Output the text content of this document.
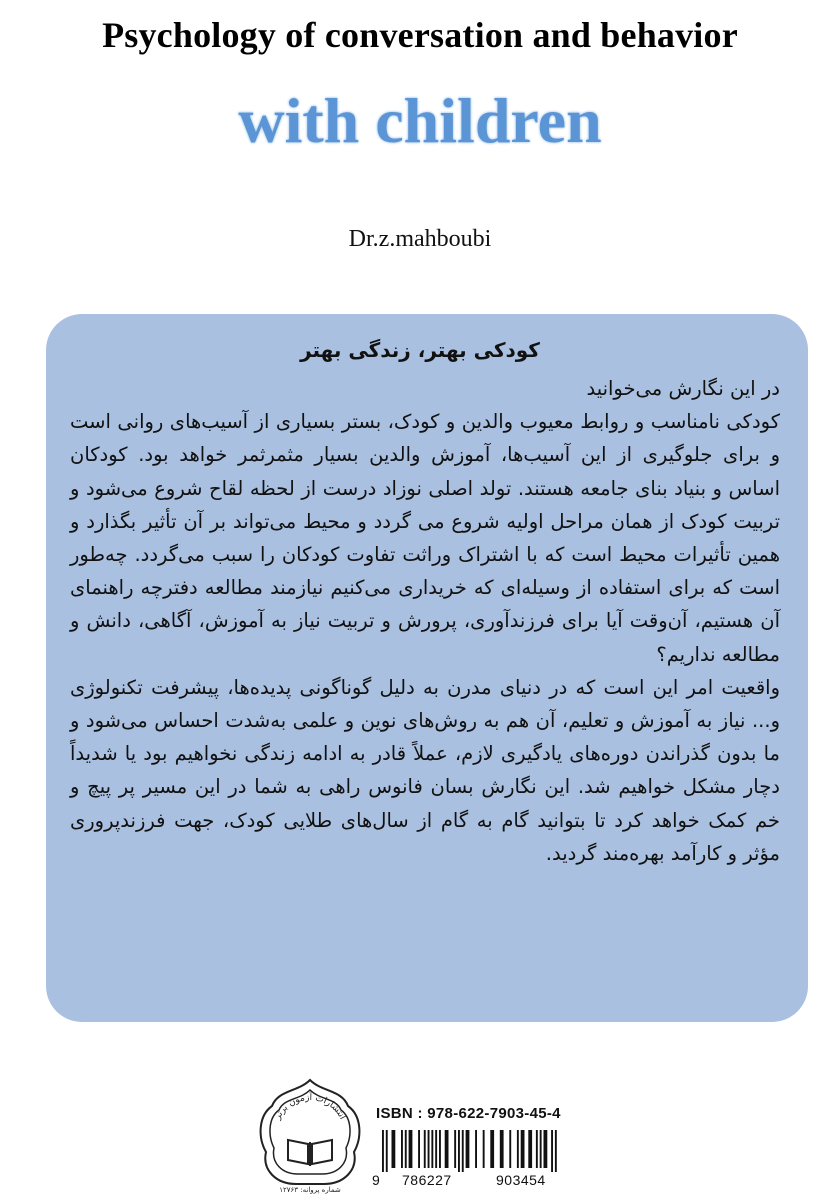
Psychology of conversation and behavior
with children
Dr.z.mahboubi
کودکی بهتر، زندگی بهتر

در این نگارش می‌خوانید

کودکی نامناسب و روابط معیوب والدین و کودک، بستر بسیاری از آسیب‌های روانی است و برای جلوگیری از این آسیب‌ها، آموزش والدین بسیار مثمرثمر خواهد بود. کودکان اساس و بنیاد بنای جامعه هستند. تولد اصلی نوزاد درست از لحظه لقاح شروع می‌شود و تربیت کودک از همان مراحل اولیه شروع می گردد و محیط می‌تواند بر آن تأثیر بگذارد و همین تأثیرات محیط است که با اشتراک وراثت تفاوت کودکان را سبب می‌گردد. چه‌طور است که برای استفاده از وسیله‌ای که خریداری می‌کنیم نیازمند مطالعه دفترچه راهنمای آن هستیم، آن‌وقت آیا برای فرزندآوری، پرورش و تربیت نیاز به آموزش، آگاهی، دانش و مطالعه نداریم؟

واقعیت امر این است که در دنیای مدرن به دلیل گوناگونی پدیده‌ها، پیشرفت تکنولوژی و... نیاز به آموزش و تعلیم، آن هم به روش‌های نوین و علمی به‌شدت احساس می‌شود و ما بدون گذراندن دوره‌های یادگیری لازم، عملاً قادر به ادامه زندگی نخواهیم بود یا شدیداً دچار مشکل خواهیم شد. این نگارش بسان فانوس راهی به شما در این مسیر پر پیچ و خم کمک خواهد کرد تا بتوانید گام به گام از سال‌های طلایی کودک، جهت فرزندپروری مؤثر و کارآمد بهره‌مند گردید.

انتشارات آزمون برتر
شماره پروانه: ۱۲۷۶۳
ISBN : 978-622-7903-45-4
9 786227	903454
